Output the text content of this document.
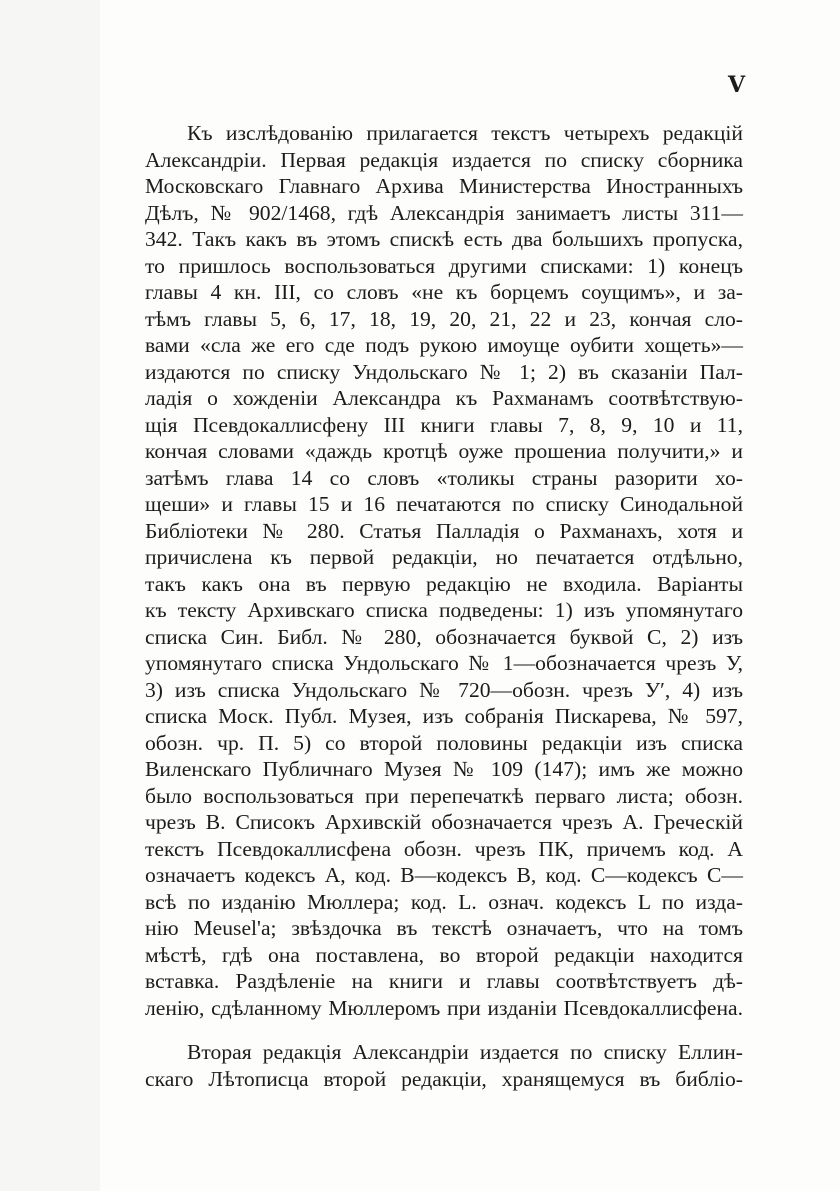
V
Къ изслѣдованію прилагается текстъ четырехъ редакцій
Александріи. Первая редакція издается по списку сборника
Московскаго Главнаго Архива Министерства Иностранныхъ
Дѣлъ, № 902/1468, гдѣ Александрія занимаетъ листы 311—
342. Такъ какъ въ этомъ спискѣ есть два большихъ пропуска,
то пришлось воспользоваться другими списками: 1) конецъ
главы 4 кн. III, со словъ «не къ борцемъ соущимъ», и за-
тѣмъ главы 5, 6, 17, 18, 19, 20, 21, 22 и 23, кончая сло-
вами «сла же его сде подъ рукою имоуще оубити хощеть»—
издаются по списку Ундольскаго № 1; 2) въ сказаніи Пал-
ладія о хожденіи Александра къ Рахманамъ соотвѣтствую-
щія Псевдокаллисфену III книги главы 7, 8, 9, 10 и 11,
кончая словами «даждь кротцѣ оуже прошениа получити,» и
затѣмъ глава 14 со словъ «толикы страны разорити хо-
щеши» и главы 15 и 16 печатаются по списку Синодальной
Библіотеки № 280. Статья Палладія о Рахманахъ, хотя и
причислена къ первой редакціи, но печатается отдѣльно,
такъ какъ она въ первую редакцію не входила. Варіанты
къ тексту Архивскаго списка подведены: 1) изъ упомянутаго
списка Син. Библ. № 280, обозначается буквой С, 2) изъ
упомянутаго списка Ундольскаго № 1—обозначается чрезъ У,
3) изъ списка Ундольскаго № 720—обозн. чрезъ У′, 4) изъ
списка Моск. Публ. Музея, изъ собранія Пискарева, № 597,
обозн. чр. П. 5) со второй половины редакціи изъ списка
Виленскаго Публичнаго Музея № 109 (147); имъ же можно
было воспользоваться при перепечаткѣ перваго листа; обозн.
чрезъ В. Списокъ Архивскій обозначается чрезъ А. Греческій
текстъ Псевдокаллисфена обозн. чрезъ ПК, причемъ код. А
означаетъ кодексъ А, код. В—кодексъ В, код. С—кодексъ С—
всѣ по изданію Мюллера; код. L. означ. кодексъ L по изда-
нію Meusel'a; звѣздочка въ текстѣ означаетъ, что на томъ
мѣстѣ, гдѣ она поставлена, во второй редакціи находится
вставка. Раздѣленіе на книги и главы соотвѣтствуетъ дѣ-
ленію, сдѣланному Мюллеромъ при изданіи Псевдокаллисфена.
Вторая редакція Александріи издается по списку Еллин-
скаго Лѣтописца второй редакціи, хранящемуся въ библіо-
